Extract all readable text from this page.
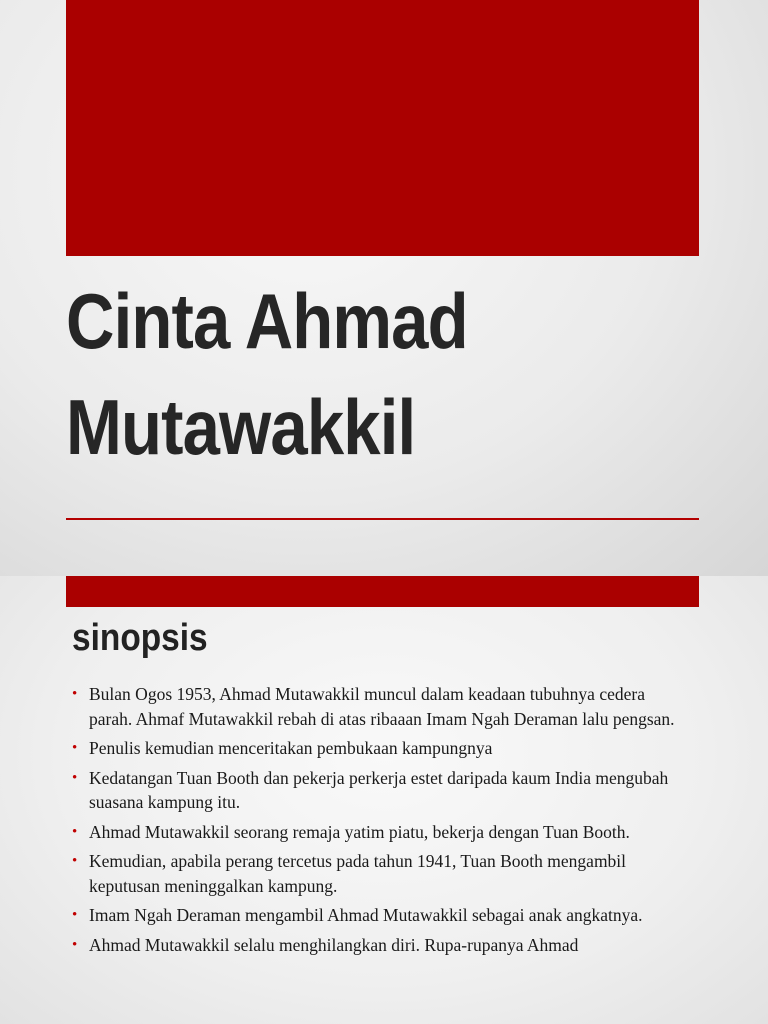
Cinta Ahmad
Mutawakkil
sinopsis
• Bulan Ogos 1953, Ahmad Mutawakkil muncul dalam keadaan tubuhnya cedera parah. Ahmaf Mutawakkil rebah di atas ribaaan Imam Ngah Deraman lalu pengsan.
• Penulis kemudian menceritakan pembukaan kampungnya
• Kedatangan Tuan Booth dan pekerja perkerja estet daripada kaum India mengubah suasana kampung itu.
• Ahmad Mutawakkil seorang remaja yatim piatu, bekerja dengan Tuan Booth.
• Kemudian, apabila perang tercetus pada tahun 1941, Tuan Booth mengambil keputusan meninggalkan kampung.
• Imam Ngah Deraman mengambil Ahmad Mutawakkil sebagai anak angkatnya.
• Ahmad Mutawakkil selalu menghilangkan diri. Rupa-rupanya Ahmad
